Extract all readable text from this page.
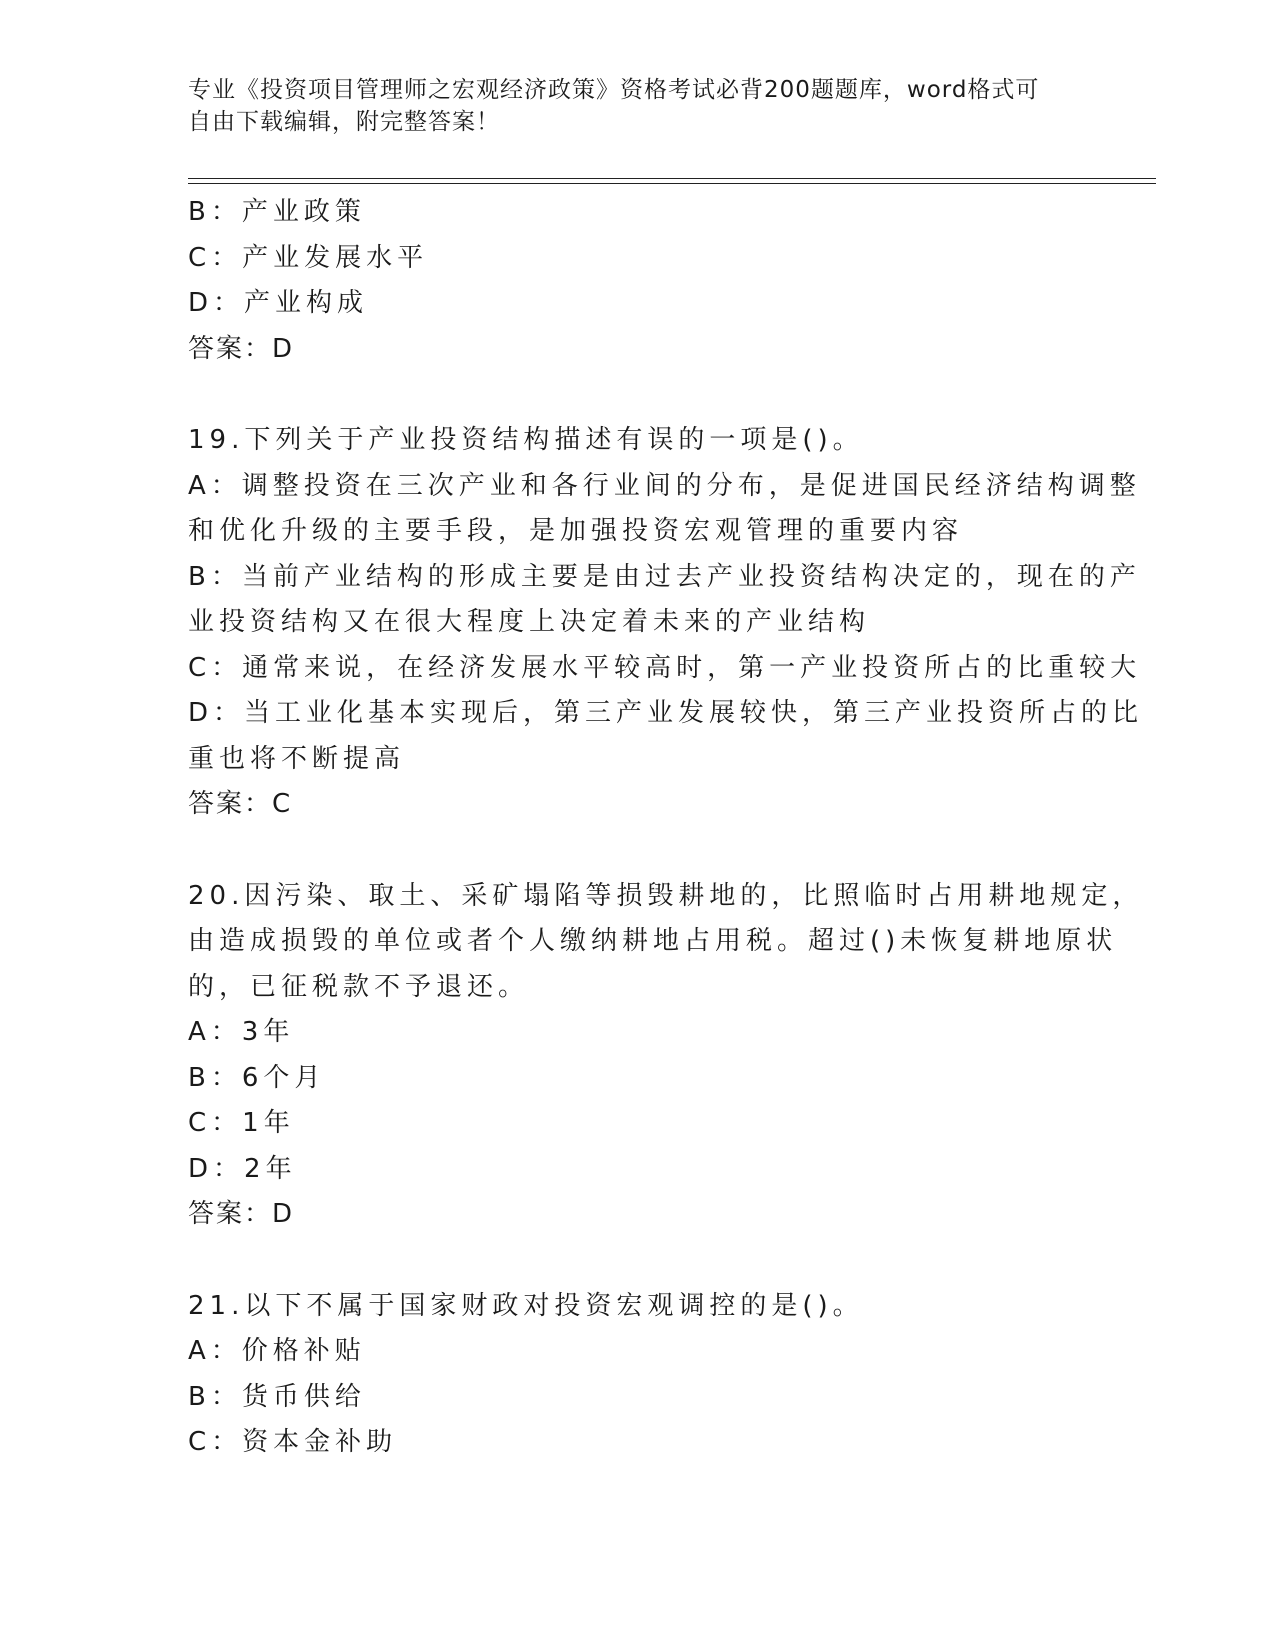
专业《投资项目管理师之宏观经济政策》资格考试必背200题题库，word格式可
自由下载编辑，附完整答案！
B：产业政策
C：产业发展水平
D：产业构成
答案：D
19.下列关于产业投资结构描述有误的一项是()。
A：调整投资在三次产业和各行业间的分布，是促进国民经济结构调整
和优化升级的主要手段，是加强投资宏观管理的重要内容
B：当前产业结构的形成主要是由过去产业投资结构决定的，现在的产
业投资结构又在很大程度上决定着未来的产业结构
C：通常来说，在经济发展水平较高时，第一产业投资所占的比重较大
D：当工业化基本实现后，第三产业发展较快，第三产业投资所占的比
重也将不断提高
答案：C
20.因污染、取土、采矿塌陷等损毁耕地的，比照临时占用耕地规定，
由造成损毁的单位或者个人缴纳耕地占用税。超过()未恢复耕地原状
的，已征税款不予退还。
A：3年
B：6个月
C：1年
D：2年
答案：D
21.以下不属于国家财政对投资宏观调控的是()。
A：价格补贴
B：货币供给
C：资本金补助
